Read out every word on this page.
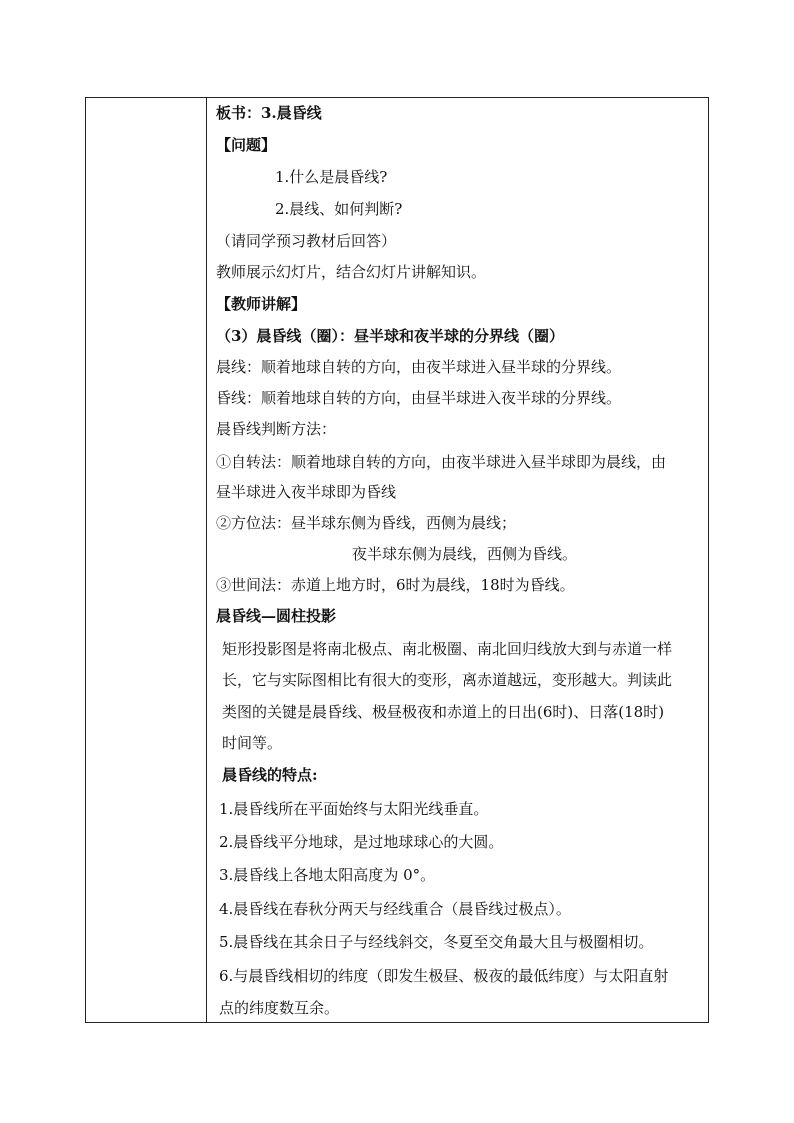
板书：3.晨昏线
【问题】
1.什么是晨昏线?
2.晨线、如何判断?
（请同学预习教材后回答）
教师展示幻灯片，结合幻灯片讲解知识。
【教师讲解】
（3）晨昏线（圈）：昼半球和夜半球的分界线（圈）
晨线：顺着地球自转的方向，由夜半球进入昼半球的分界线。
昏线：顺着地球自转的方向，由昼半球进入夜半球的分界线。
晨昏线判断方法：
①自转法：顺着地球自转的方向，由夜半球进入昼半球即为晨线，由
昼半球进入夜半球即为昏线
②方位法：昼半球东侧为昏线，西侧为晨线；
夜半球东侧为晨线，西侧为昏线。
③世间法：赤道上地方时，6时为晨线，18时为昏线。
晨昏线—圆柱投影
矩形投影图是将南北极点、南北极圈、南北回归线放大到与赤道一样
长，它与实际图相比有很大的变形，离赤道越远，变形越大。判读此
类图的关键是晨昏线、极昼极夜和赤道上的日出(6时)、日落(18时)
时间等。
晨昏线的特点:
1.晨昏线所在平面始终与太阳光线垂直。
2.晨昏线平分地球，是过地球球心的大圆。
3.晨昏线上各地太阳高度为 0°。
4.晨昏线在春秋分两天与经线重合（晨昏线过极点）。
5.晨昏线在其余日子与经线斜交，冬夏至交角最大且与极圈相切。
6.与晨昏线相切的纬度（即发生极昼、极夜的最低纬度）与太阳直射
点的纬度数互余。
